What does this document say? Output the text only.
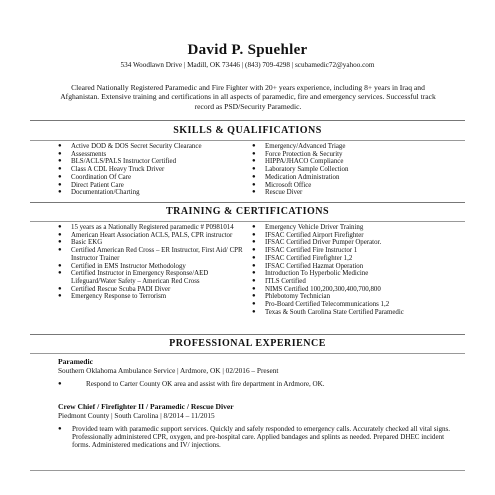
David P. Spuehler
534 Woodlawn Drive | Madill, OK 73446 | (843) 709-4298 | scubamedic72@yahoo.com
Cleared Nationally Registered Paramedic and Fire Fighter with 20+ years experience, including 8+ years in Iraq and Afghanistan. Extensive training and certifications in all aspects of paramedic, fire and emergency services. Successful track record as PSD/Security Paramedic.
SKILLS & QUALIFICATIONS
● Active DOD & DOS Secret Security Clearance
● Assessments
● BLS/ACLS/PALS Instructor Certified
● Class A CDL Heavy Truck Driver
● Coordination Of Care
● Direct Patient Care
● Documentation/Charting
● Emergency/Advanced Triage
● Force Protection & Security
● HIPPA/JHACO Compliance
● Laboratory Sample Collection
● Medication Administration
● Microsoft Office
● Rescue Diver
TRAINING & CERTIFICATIONS
● 15 years as a Nationally Registered paramedic # P0981014
● American Heart Association ACLS, PALS, CPR instructor
● Basic EKG
● Certified American Red Cross – ER Instructor, First Aid/ CPR Instructor Trainer
● Certified in EMS Instructor Methodology
● Certified Instructor in Emergency Response/AED Lifeguard/Water Safety – American Red Cross
● Certified Rescue Scuba PADI Diver
● Emergency Response to Terrorism
● Emergency Vehicle Driver Training
● IFSAC Certified Airport Firefighter
● IFSAC Certified Driver Pumper Operator.
● IFSAC Certified Fire Instructor 1
● IFSAC Certified Firefighter 1,2
● IFSAC Certified Hazmat Operation
● Introduction To Hyperbolic Medicine
● ITLS Certified
● NIMS Certified 100,200,300,400,700,800
● Phlebotomy Technician
● Pro-Board Certified Telecommunications 1,2
● Texas & South Carolina State Certified Paramedic
PROFESSIONAL EXPERIENCE
Paramedic
Southern Oklahoma Ambulance Service | Ardmore, OK | 02/2016 – Present
●	Respond to Carter County OK area and assist with fire department in Ardmore, OK.
Crew Chief / Firefighter II / Paramedic / Rescue Diver
Piedmont County | South Carolina | 8/2014 – 11/2015
●	Provided team with paramedic support services. Quickly and safely responded to emergency calls. Accurately checked all vital signs. Professionally administered CPR, oxygen, and pre-hospital care. Applied bandages and splints as needed. Prepared DHEC incident forms. Administered medications and IV/ injections.
